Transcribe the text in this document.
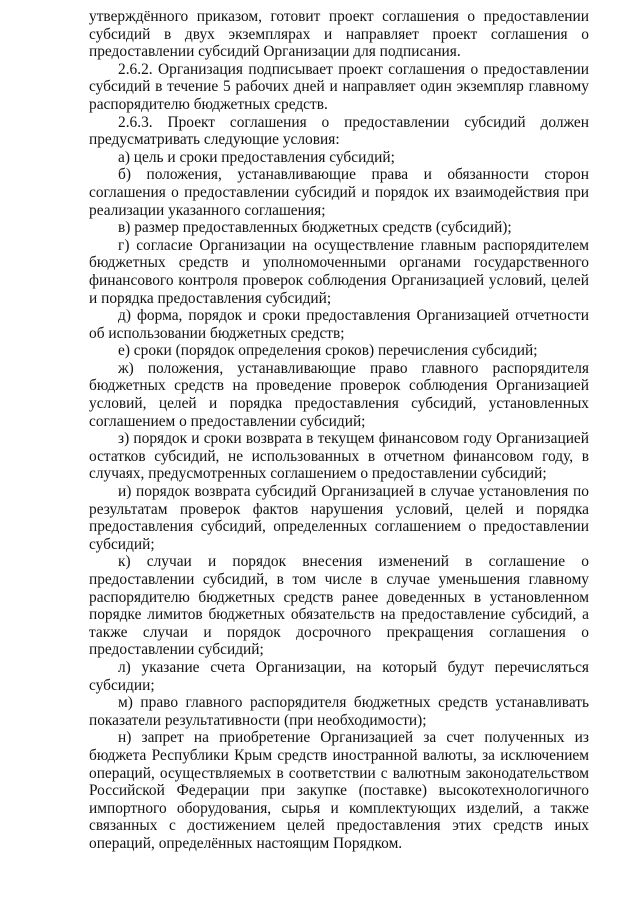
утверждённого приказом, готовит проект соглашения о предоставлении субсидий в двух экземплярах и направляет проект соглашения о предоставлении субсидий Организации для подписания.

2.6.2. Организация подписывает проект соглашения о предоставлении субсидий в течение 5 рабочих дней и направляет один экземпляр главному распорядителю бюджетных средств.

2.6.3. Проект соглашения о предоставлении субсидий должен предусматривать следующие условия:

а) цель и сроки предоставления субсидий;

б) положения, устанавливающие права и обязанности сторон соглашения о предоставлении субсидий и порядок их взаимодействия при реализации указанного соглашения;

в) размер предоставленных бюджетных средств (субсидий);

г) согласие Организации на осуществление главным распорядителем бюджетных средств и уполномоченными органами государственного финансового контроля проверок соблюдения Организацией условий, целей и порядка предоставления субсидий;

д) форма, порядок и сроки предоставления Организацией отчетности об использовании бюджетных средств;

е) сроки (порядок определения сроков) перечисления субсидий;

ж) положения, устанавливающие право главного распорядителя бюджетных средств на проведение проверок соблюдения Организацией условий, целей и порядка предоставления субсидий, установленных соглашением о предоставлении субсидий;

з) порядок и сроки возврата в текущем финансовом году Организацией остатков субсидий, не использованных в отчетном финансовом году, в случаях, предусмотренных соглашением о предоставлении субсидий;

и) порядок возврата субсидий Организацией в случае установления по результатам проверок фактов нарушения условий, целей и порядка предоставления субсидий, определенных соглашением о предоставлении субсидий;

к) случаи и порядок внесения изменений в соглашение о предоставлении субсидий, в том числе в случае уменьшения главному распорядителю бюджетных средств ранее доведенных в установленном порядке лимитов бюджетных обязательств на предоставление субсидий, а также случаи и порядок досрочного прекращения соглашения о предоставлении субсидий;

л) указание счета Организации, на который будут перечисляться субсидии;

м) право главного распорядителя бюджетных средств устанавливать показатели результативности (при необходимости);

н) запрет на приобретение Организацией за счет полученных из бюджета Республики Крым средств иностранной валюты, за исключением операций, осуществляемых в соответствии с валютным законодательством Российской Федерации при закупке (поставке) высокотехнологичного импортного оборудования, сырья и комплектующих изделий, а также связанных с достижением целей предоставления этих средств иных операций, определённых настоящим Порядком.
